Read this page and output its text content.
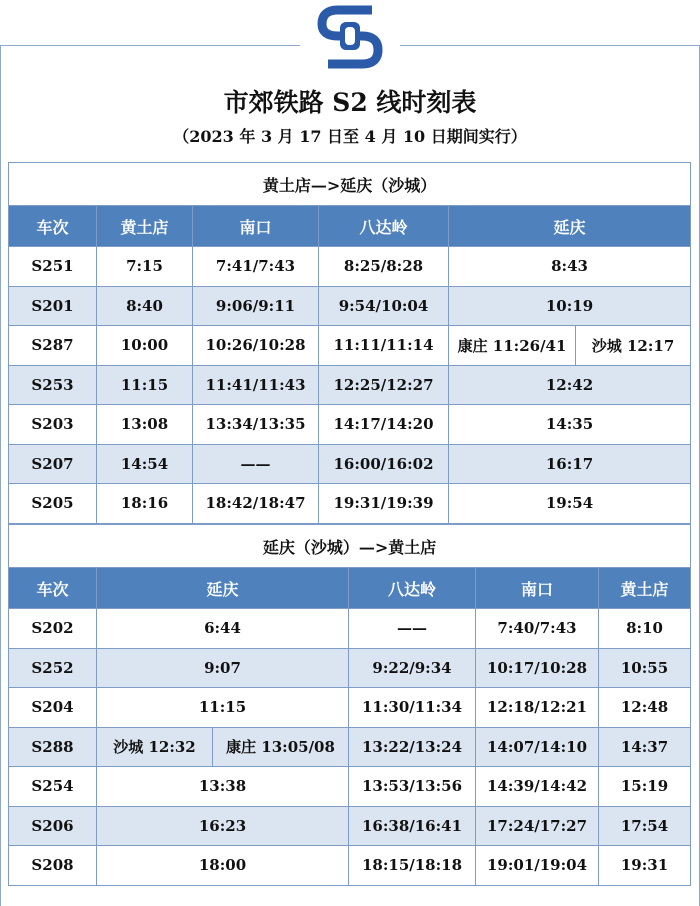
市郊铁路 S2 线时刻表
（2023 年 3 月 17 日至 4 月 10 日期间实行）
黄土店—>延庆（沙城）					
车次	黄土店	南口	八达岭	延庆	
S251	7:15	7:41/7:43	8:25/8:28	8:43	
S201	8:40	9:06/9:11	9:54/10:04	10:19	
S287	10:00	10:26/10:28	11:11/11:14	康庄 11:26/41	沙城 12:17
S253	11:15	11:41/11:43	12:25/12:27	12:42	
S203	13:08	13:34/13:35	14:17/14:20	14:35	
S207	14:54	——	16:00/16:02	16:17	
S205	18:16	18:42/18:47	19:31/19:39	19:54	
延庆（沙城）—>黄土店					
车次	延庆		八达岭	南口	黄土店
S202	6:44		——	7:40/7:43	8:10
S252	9:07		9:22/9:34	10:17/10:28	10:55
S204	11:15		11:30/11:34	12:18/12:21	12:48
S288	沙城 12:32	康庄 13:05/08	13:22/13:24	14:07/14:10	14:37
S254	13:38		13:53/13:56	14:39/14:42	15:19
S206	16:23		16:38/16:41	17:24/17:27	17:54
S208	18:00		18:15/18:18	19:01/19:04	19:31
